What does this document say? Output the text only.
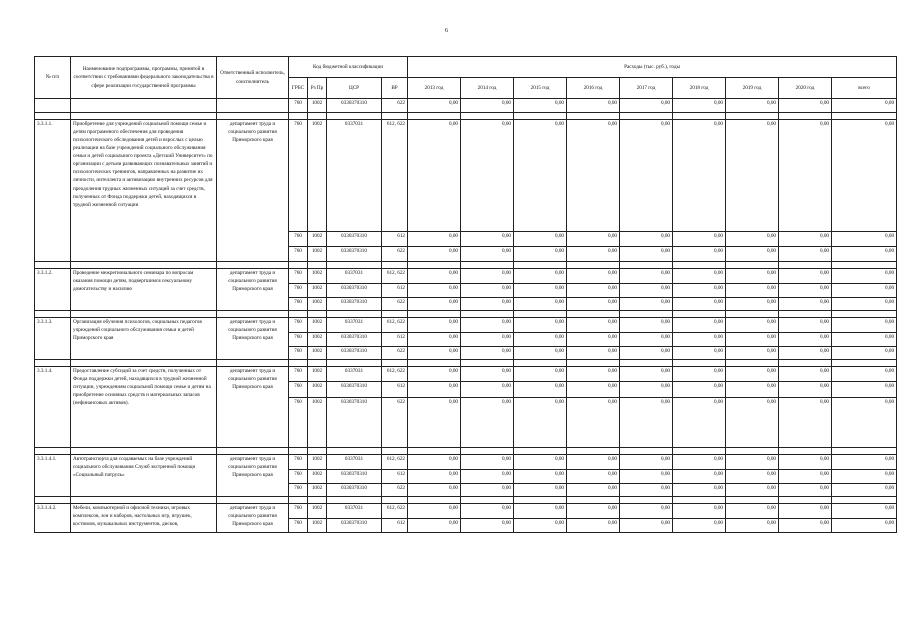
6
№ п/п	Наименование подпрограммы, программы, принятой в соответствии с требованиями федерального законодательства в сфере реализации государственной программы	Ответственный исполнитель, соисполнитель	Код бюджетной классификации				Расходы (тыс. руб.), годы								
			ГРБС	Рз Пр	ЦСР	ВР	2013 год	2014 год	2015 год	2016 год	2017 год	2018 год	2019 год	2020 год	всего
			760	1002	0330370310	622	0,00	0,00	0,00	0,00	0,00	0,00	0,00	0,00	0,00

3.3.1.1.	Приобретение для учреждений социальной помощи семье и детям программного обеспечения для проведения психологического обследования детей и взрослых с целью реализации на базе учреждений социального обслуживания семьи и детей социального проекта «Детский Университет» по организации с детьми развивающих познавательных занятий и психологических тренингов, направленных на развитие их личности, интеллекта и активизацию внутренних ресурсов для преодоления трудных жизненных ситуаций за счет средств, полученных от Фонда поддержки детей, находящихся в трудной жизненной ситуации	департамент труда и социального развития Приморского края	760	1002	0337031	612, 622	0,00	0,00	0,00	0,00	0,00	0,00	0,00	0,00	0,00
			760	1002	0330370310	612	0,00	0,00	0,00	0,00	0,00	0,00	0,00	0,00	0,00
			760	1002	0330370310	622	0,00	0,00	0,00	0,00	0,00	0,00	0,00	0,00	0,00

3.3.1.2.	Проведение межрегионального семинара по вопросам оказания помощи детям, подвергшимся сексуальному домогательству и насилию	департамент труда и социального развития Приморского края	760	1002	0337031	612, 622	0,00	0,00	0,00	0,00	0,00	0,00	0,00	0,00	0,00
			760	1002	0330370310	612	0,00	0,00	0,00	0,00	0,00	0,00	0,00	0,00	0,00
			760	1002	0330370310	622	0,00	0,00	0,00	0,00	0,00	0,00	0,00	0,00	0,00

3.3.1.3.	Организация обучения психологов, социальных педагогов учреждений социального обслуживания семьи и детей Приморского края	департамент труда и социального развития Приморского края	760	1002	0337031	612, 622	0,00	0,00	0,00	0,00	0,00	0,00	0,00	0,00	0,00
			760	1002	0330370310	612	0,00	0,00	0,00	0,00	0,00	0,00	0,00	0,00	0,00
			760	1002	0330370310	622	0,00	0,00	0,00	0,00	0,00	0,00	0,00	0,00	0,00

3.3.1.4.	Предоставление субсидий за счет средств, полученных от Фонда поддержки детей, находящихся в трудной жизненной ситуации, учреждениям социальной помощи семье и детям на приобретение основных средств и материальных запасов (нефинансовых активов).	департамент труда и социального развития Приморского края	760	1002	0337031	612, 622	0,00	0,00	0,00	0,00	0,00	0,00	0,00	0,00	0,00
			760	1002	0330370310	612	0,00	0,00	0,00	0,00	0,00	0,00	0,00	0,00	0,00
			760	1002	0330370310	622	0,00	0,00	0,00	0,00	0,00	0,00	0,00	0,00	0,00

3.3.1.4.1.	Автотранспорта для создаваемых на базе учреждений социального обслуживания Служб экстренной помощи «Социальный патруль»	департамент труда и социального развития Приморского края	760	1002	0337031	612, 622	0,00	0,00	0,00	0,00	0,00	0,00	0,00	0,00	0,00
			760	1002	0330370310	612	0,00	0,00	0,00	0,00	0,00	0,00	0,00	0,00	0,00
			760	1002	0330370310	622	0,00	0,00	0,00	0,00	0,00	0,00	0,00	0,00	0,00

3.3.1.4.2.	Мебели, компьютерной и офисной техники, игровых комплексов, зон и наборов, настольных игр, игрушек, костюмов, музыкальных инструментов, дисков,	департамент труда и социального развития Приморского края	760	1002	0337031	612, 622	0,00	0,00	0,00	0,00	0,00	0,00	0,00	0,00	0,00
			760	1002	0330370310	612	0,00	0,00	0,00	0,00	0,00	0,00	0,00	0,00	0,00
